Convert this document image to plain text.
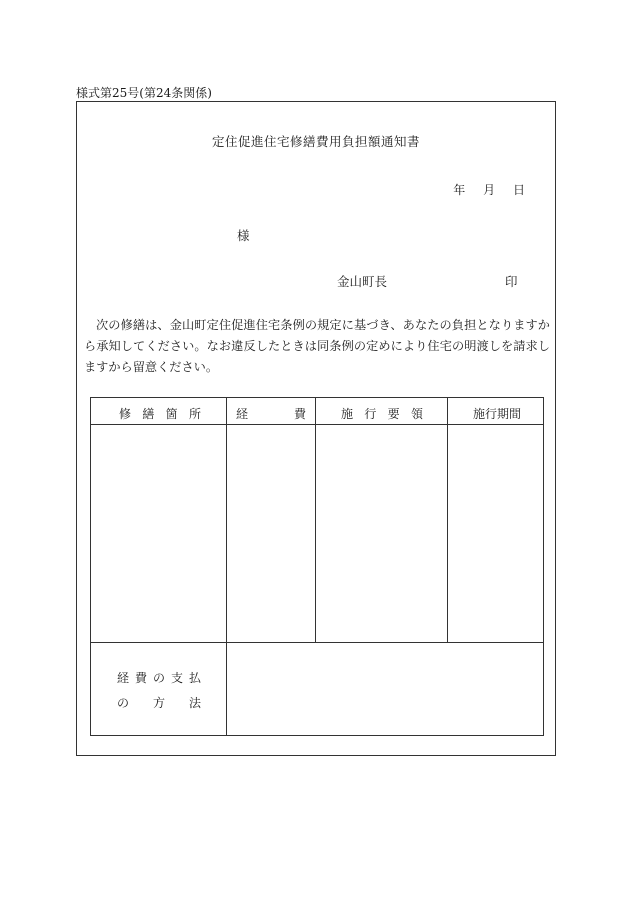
様式第25号(第24条関係)
定住促進住宅修繕費用負担額通知書
年 月 日
様
金山町長	印
次の修繕は、金山町定住促進住宅条例の規定に基づき、あなたの負担となりますから承知してください。なお違反したときは同条例の定めにより住宅の明渡しを請求しますから留意ください。
修 繕 箇 所	経	費	施 行 要 領	施行期間
経 費 の 支 払
の 方 法
